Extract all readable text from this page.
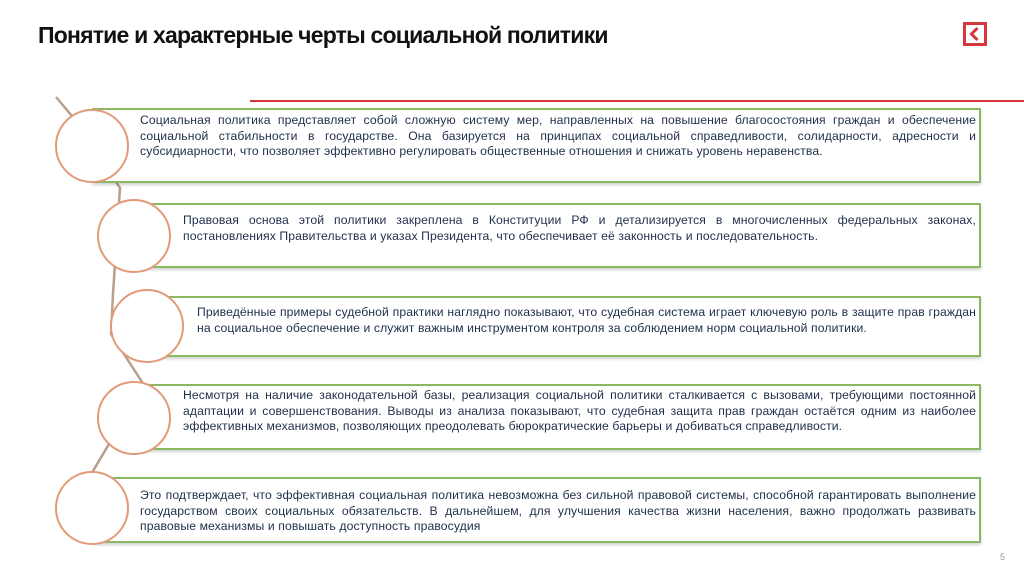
Понятие и характерные черты социальной политики
Социальная политика представляет собой сложную систему мер, направленных на повышение благосостояния граждан и обеспечение социальной стабильности в государстве. Она базируется на принципах социальной справедливости, солидарности, адресности и субсидиарности, что позволяет эффективно регулировать общественные отношения и снижать уровень неравенства.
Правовая основа этой политики закреплена в Конституции РФ и детализируется в многочисленных федеральных законах, постановлениях Правительства и указах Президента, что обеспечивает её законность и последовательность.
Приведённые примеры судебной практики наглядно показывают, что судебная система играет ключевую роль в защите прав граждан на социальное обеспечение и служит важным инструментом контроля за соблюдением норм социальной политики.
Несмотря на наличие законодательной базы, реализация социальной политики сталкивается с вызовами, требующими постоянной адаптации и совершенствования. Выводы из анализа показывают, что судебная защита прав граждан остаётся одним из наиболее эффективных механизмов, позволяющих преодолевать бюрократические барьеры и добиваться справедливости.
Это подтверждает, что эффективная социальная политика невозможна без сильной правовой системы, способной гарантировать выполнение государством своих социальных обязательств. В дальнейшем, для улучшения качества жизни населения, важно продолжать развивать правовые механизмы и повышать доступность правосудия
5
